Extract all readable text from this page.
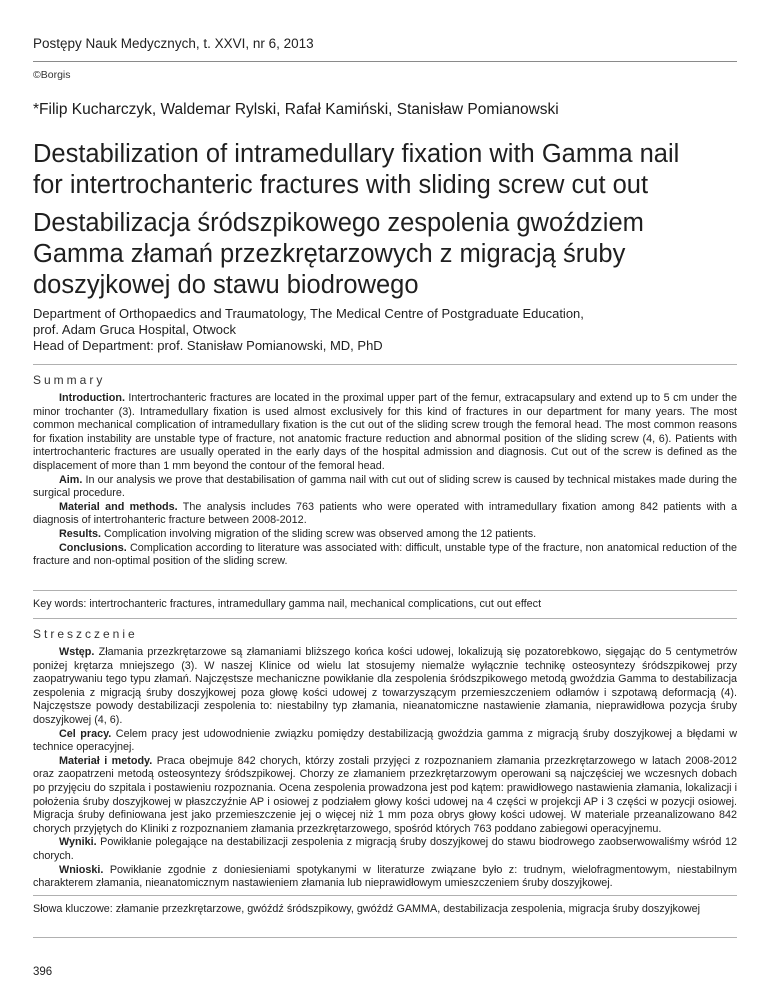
Postępy Nauk Medycznych, t. XXVI, nr 6, 2013
©Borgis
*Filip Kucharczyk, Waldemar Rylski, Rafał Kamiński, Stanisław Pomianowski
Destabilization of intramedullary fixation with Gamma nail
for intertrochanteric fractures with sliding screw cut out
Destabilizacja śródszpikowego zespolenia gwoździem
Gamma złamań przezkrętarzowych z migracją śruby
doszyjkowej do stawu biodrowego
Department of Orthopaedics and Traumatology, The Medical Centre of Postgraduate Education,
prof. Adam Gruca Hospital, Otwock
Head of Department: prof. Stanisław Pomianowski, MD, PhD
Summary

Introduction. Intertrochanteric fractures are located in the proximal upper part of the femur, extracapsulary and extend up to 5 cm under the minor trochanter (3). Intramedullary fixation is used almost exclusively for this kind of fractures in our department for many years. The most common mechanical complication of intramedullary fixation is the cut out of the sliding screw trough the femoral head. The most common reasons for fixation instability are unstable type of fracture, not anatomic fracture reduction and abnormal position of the sliding screw (4, 6). Patients with intertrochanteric fractures are usually operated in the early days of the hospital admission and diagnosis. Cut out of the screw is defined as the displacement of more than 1 mm beyond the contour of the femoral head.

Aim. In our analysis we prove that destabilisation of gamma nail with cut out of sliding screw is caused by technical mistakes made during the surgical procedure.

Material and methods. The analysis includes 763 patients who were operated with intramedullary fixation among 842 patients with a diagnosis of intertrohanteric fracture between 2008-2012.

Results. Complication involving migration of the sliding screw was observed among the 12 patients.

Conclusions. Complication according to literature was associated with: difficult, unstable type of the fracture, non anatomical reduction of the fracture and non-optimal position of the sliding screw.

Key words: intertrochanteric fractures, intramedullary gamma nail, mechanical complications, cut out effect
Streszczenie

Wstęp. Złamania przezkrętarzowe są złamaniami bliższego końca kości udowej, lokalizują się pozatorebkowo, sięgając do 5 centymetrów poniżej krętarza mniejszego (3). W naszej Klinice od wielu lat stosujemy niemalże wyłącznie technikę osteosyntezy śródszpikowej przy zaopatrywaniu tego typu złamań. Najczęstsze mechaniczne powikłanie dla zespolenia śródszpikowego metodą gwoździa Gamma to destabilizacja zespolenia z migracją śruby doszyjkowej poza głowę kości udowej z towarzyszącym przemieszczeniem odłamów i szpotawą deformacją (4). Najczęstsze powody destabilizacji zespolenia to: niestabilny typ złamania, nieanatomiczne nastawienie złamania, nieprawidłowa pozycja śruby doszyjkowej (4, 6).

Cel pracy. Celem pracy jest udowodnienie związku pomiędzy destabilizacją gwoździa gamma z migracją śruby doszyjkowej a błędami w technice operacyjnej.

Materiał i metody. Praca obejmuje 842 chorych, którzy zostali przyjęci z rozpoznaniem złamania przezkrętarzowego w latach 2008-2012 oraz zaopatrzeni metodą osteosyntezy śródszpikowej. Chorzy ze złamaniem przezkrętarzowym operowani są najczęściej we wczesnych dobach po przyjęciu do szpitala i postawieniu rozpoznania. Ocena zespolenia prowadzona jest pod kątem: prawidłowego nastawienia złamania, lokalizacji i położenia śruby doszyjkowej w płaszczyźnie AP i osiowej z podziałem głowy kości udowej na 4 części w projekcji AP i 3 części w pozycji osiowej. Migracja śruby definiowana jest jako przemieszczenie jej o więcej niż 1 mm poza obrys głowy kości udowej. W materiale przeanalizowano 842 chorych przyjętych do Kliniki z rozpoznaniem złamania przezkrętarzowego, spośród których 763 poddano zabiegowi operacyjnemu.

Wyniki. Powikłanie polegające na destabilizacji zespolenia z migracją śruby doszyjkowej do stawu biodrowego zaobserwowaliśmy wśród 12 chorych.

Wnioski. Powikłanie zgodnie z doniesieniami spotykanymi w literaturze związane było z: trudnym, wielofragmentowym, niestabilnym charakterem złamania, nieanatomicznym nastawieniem złamania lub nieprawidłowym umieszczeniem śruby doszyjkowej.

Słowa kluczowe: złamanie przezkrętarzowe, gwóźdź śródszpikowy, gwóźdź GAMMA, destabilizacja zespolenia, migracja śruby doszyjkowej
396
